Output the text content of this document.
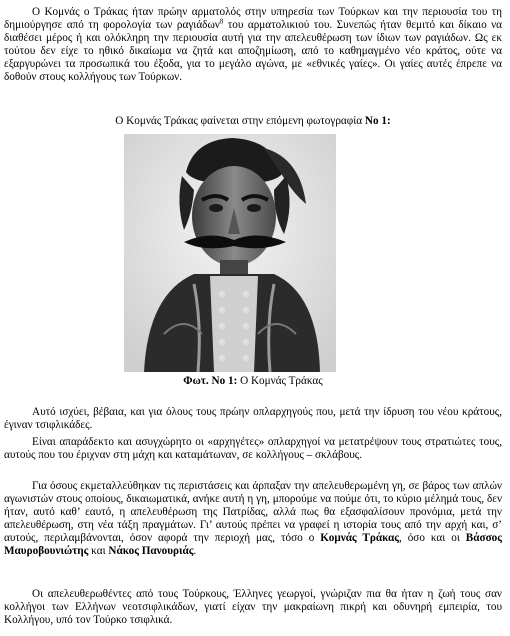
Ο Κομνάς ο Τράκας ήταν πρώην αρματολός στην υπηρεσία των Τούρκων και την περιουσία του τη δημιούργησε από τη φορολογία των ραγιάδων$^8$ του αρματολικιού του. Συνεπώς ήταν θεμιτό και δίκαιο να διαθέσει μέρος ή και ολόκληρη την περιουσία αυτή για την απελευθέρωση των ίδιων των ραγιάδων. Ως εκ τούτου δεν είχε το ηθικό δικαίωμα να ζητά και αποζημίωση, από το καθημαγμένο νέο κράτος, ούτε να εξαργυρώνει τα προσωπικά του έξοδα, για το μεγάλο αγώνα, με «εθνικές γαίες». Οι γαίες αυτές έπρεπε να δοθούν στους κολλήγους των Τούρκων.

Ο Κομνάς Τράκας φαίνεται στην επόμενη φωτογραφία Νο 1:
Φωτ. Νο 1: Ο Κομνάς Τράκας

Αυτό ισχύει, βέβαια, και για όλους τους πρώην οπλαρχηγούς που, μετά την ίδρυση του νέου κράτους, έγιναν τσιφλικάδες.

Είναι απαράδεκτο και ασυγχώρητο οι «αρχηγέτες» οπλαρχηγοί να μετατρέψουν τους στρατιώτες τους, αυτούς που του έριχναν στη μάχη και καταμάτωναν, σε κολλήγους – σκλάβους.

Για όσους εκμεταλλεύθηκαν τις περιστάσεις και άρπαξαν την απελευθερωμένη γη, σε βάρος των απλών αγωνιστών στους οποίους, δικαιωματικά, ανήκε αυτή η γη, μπορούμε να πούμε ότι, το κύριο μέλημά τους, δεν ήταν, αυτό καθ’ εαυτό, η απελευθέρωση της Πατρίδας, αλλά πως θα εξασφαλίσουν προνόμια, μετά την απελευθέρωση, στη νέα τάξη πραγμάτων. Γι’ αυτούς πρέπει να γραφεί η ιστορία τους από την αρχή και, σ’ αυτούς, περιλαμβάνονται, όσον αφορά την περιοχή μας, τόσο ο Κομνάς Τράκας, όσο και οι Βάσσος Μαυροβουνιώτης και Νάκος Πανουριάς.

Οι απελευθερωθέντες από τους Τούρκους, Έλληνες γεωργοί, γνώριζαν πια θα ήταν η ζωή τους σαν κολλήγοι των Ελλήνων νεοτσιφλικάδων, γιατί είχαν την μακραίωνη πικρή και οδυνηρή εμπειρία, του Κολλήγου, υπό τον Τούρκο τσιφλικά.
